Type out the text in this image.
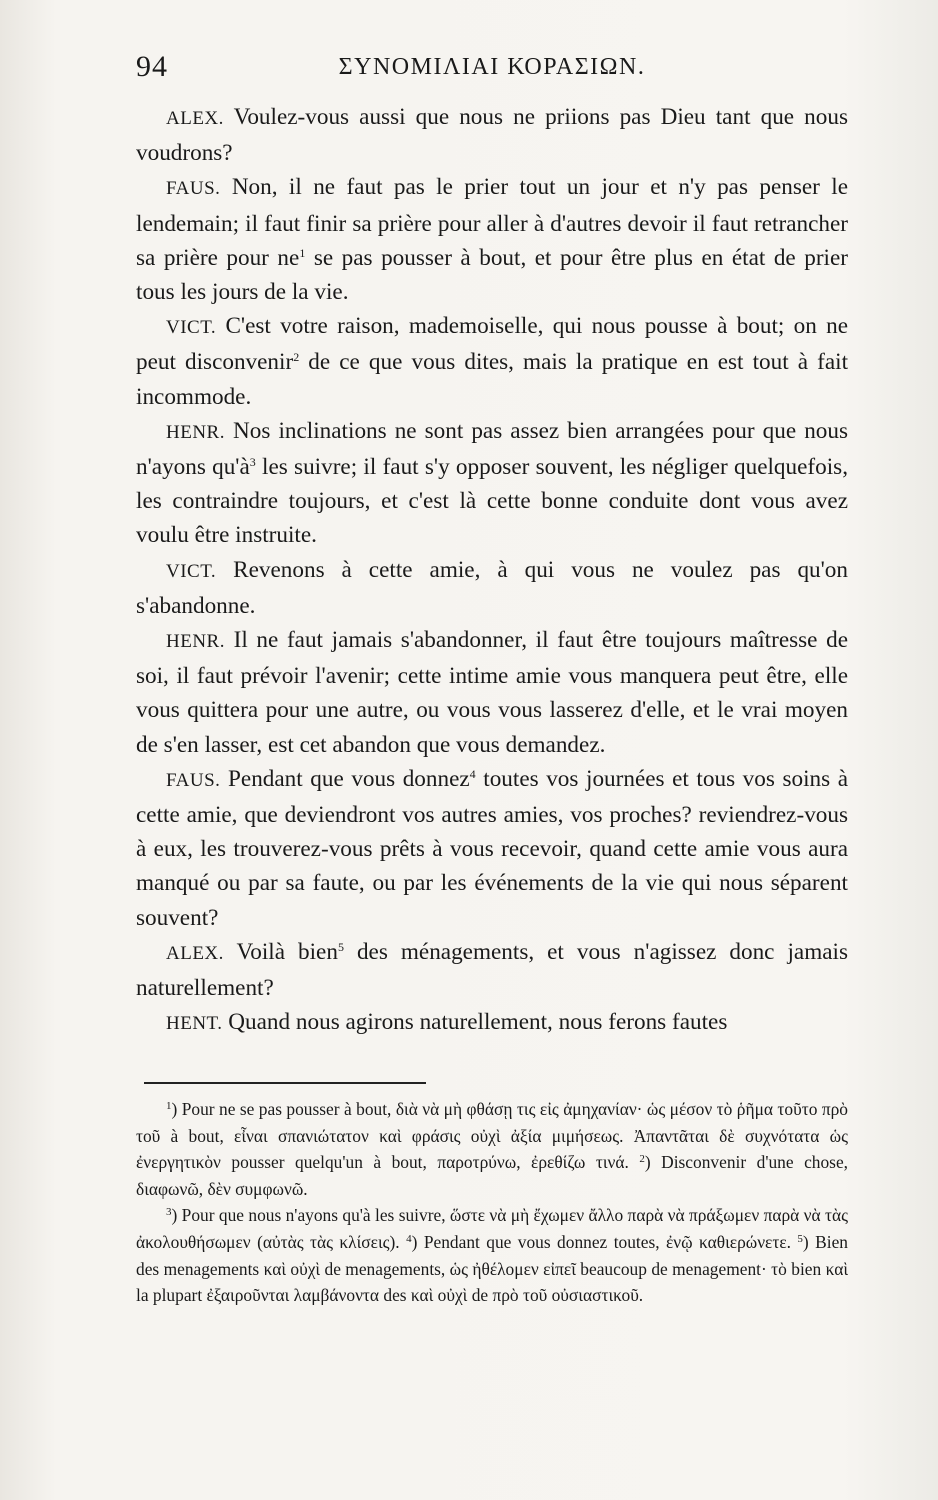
94	ΣΥΝΟΜΙΛΙΑΙ ΚΟΡΑΣΙΩΝ.

ALEX. Voulez-vous aussi que nous ne priions pas Dieu tant que nous voudrons?

FAUS. Non, il ne faut pas le prier tout un jour et n'y pas penser le lendemain; il faut finir sa prière pour aller à d'autres devoir il faut retrancher sa prière pour $ne^1$ se pas pousser à bout, et pour être plus en état de prier tous les jours de la vie.

VICT. C'est votre raison, mademoiselle, qui nous pousse à bout; on ne peut disconvenir$^2$ de ce que vous dites, mais la pratique en est tout à fait incommode.

HENR. Nos inclinations ne sont pas assez bien arrangées pour que nous n'ayons $qu'à^3$ les suivre; il faut s'y opposer souvent, les négliger quelquefois, les contraindre toujours, et c'est là cette bonne conduite dont vous avez voulu être instruite.

VICT. Revenons à cette amie, à qui vous ne voulez pas qu'on s'abandonne.

HENR. Il ne faut jamais s'abandonner, il faut être toujours maîtresse de soi, il faut prévoir l'avenir; cette intime amie vous manquera peut être, elle vous quittera pour une autre, ou vous vous lasserez d'elle, et le vrai moyen de s'en lasser, est cet abandon que vous demandez.

FAUS. Pendant que vous donnez$^4$ toutes vos journées et tous vos soins à cette amie, que deviendront vos autres amies, vos proches? reviendrez-vous à eux, les trouverez-vous prêts à vous recevoir, quand cette amie vous aura manqué ou par sa faute, ou par les événements de la vie qui nous séparent souvent?

ALEX. Voilà bien$^5$ des ménagements, et vous n'agissez donc jamais naturellement?

HENT. Quand nous agirons naturellement, nous ferons fautes

$^1$) Pour ne se pas pousser à bout, διὰ νὰ μὴ φθάσῃ τις εἰς ἀμηχανίαν· ὡς μέσον τὸ ῥῆμα τοῦτο πρὸ τοῦ à bout, εἶναι σπανιώτατον καὶ φράσις οὐχὶ ἀξία μιμήσεως. Ἀπαντᾶται δὲ συχνότατα ὡς ἐνεργητικὸν pousser quelqu'un à bout, παροτρύνω, ἐρεθίζω τινά. $^2$) Disconvenir d'une chose, διαφωνῶ, δὲν συμφωνῶ.

$^3$) Pour que nous n'ayons qu'à les suivre, ὥστε νὰ μὴ ἔχωμεν ἄλλο παρὰ νὰ πράξωμεν παρὰ νὰ τὰς ἀκολουθήσωμεν (αὐτὰς τὰς κλίσεις). $^4$) Pendant que vous donnez toutes, ἐνῷ καθιερώνετε. $^5$) Bien des menagements καὶ οὐχὶ de menagements, ὡς ἠθέλομεν εἰπεῖ beaucoup de menagement· τὸ bien καὶ la plupart ἐξαιροῦνται λαμβάνοντα des καὶ οὐχὶ de πρὸ τοῦ οὐσιαστικοῦ.
